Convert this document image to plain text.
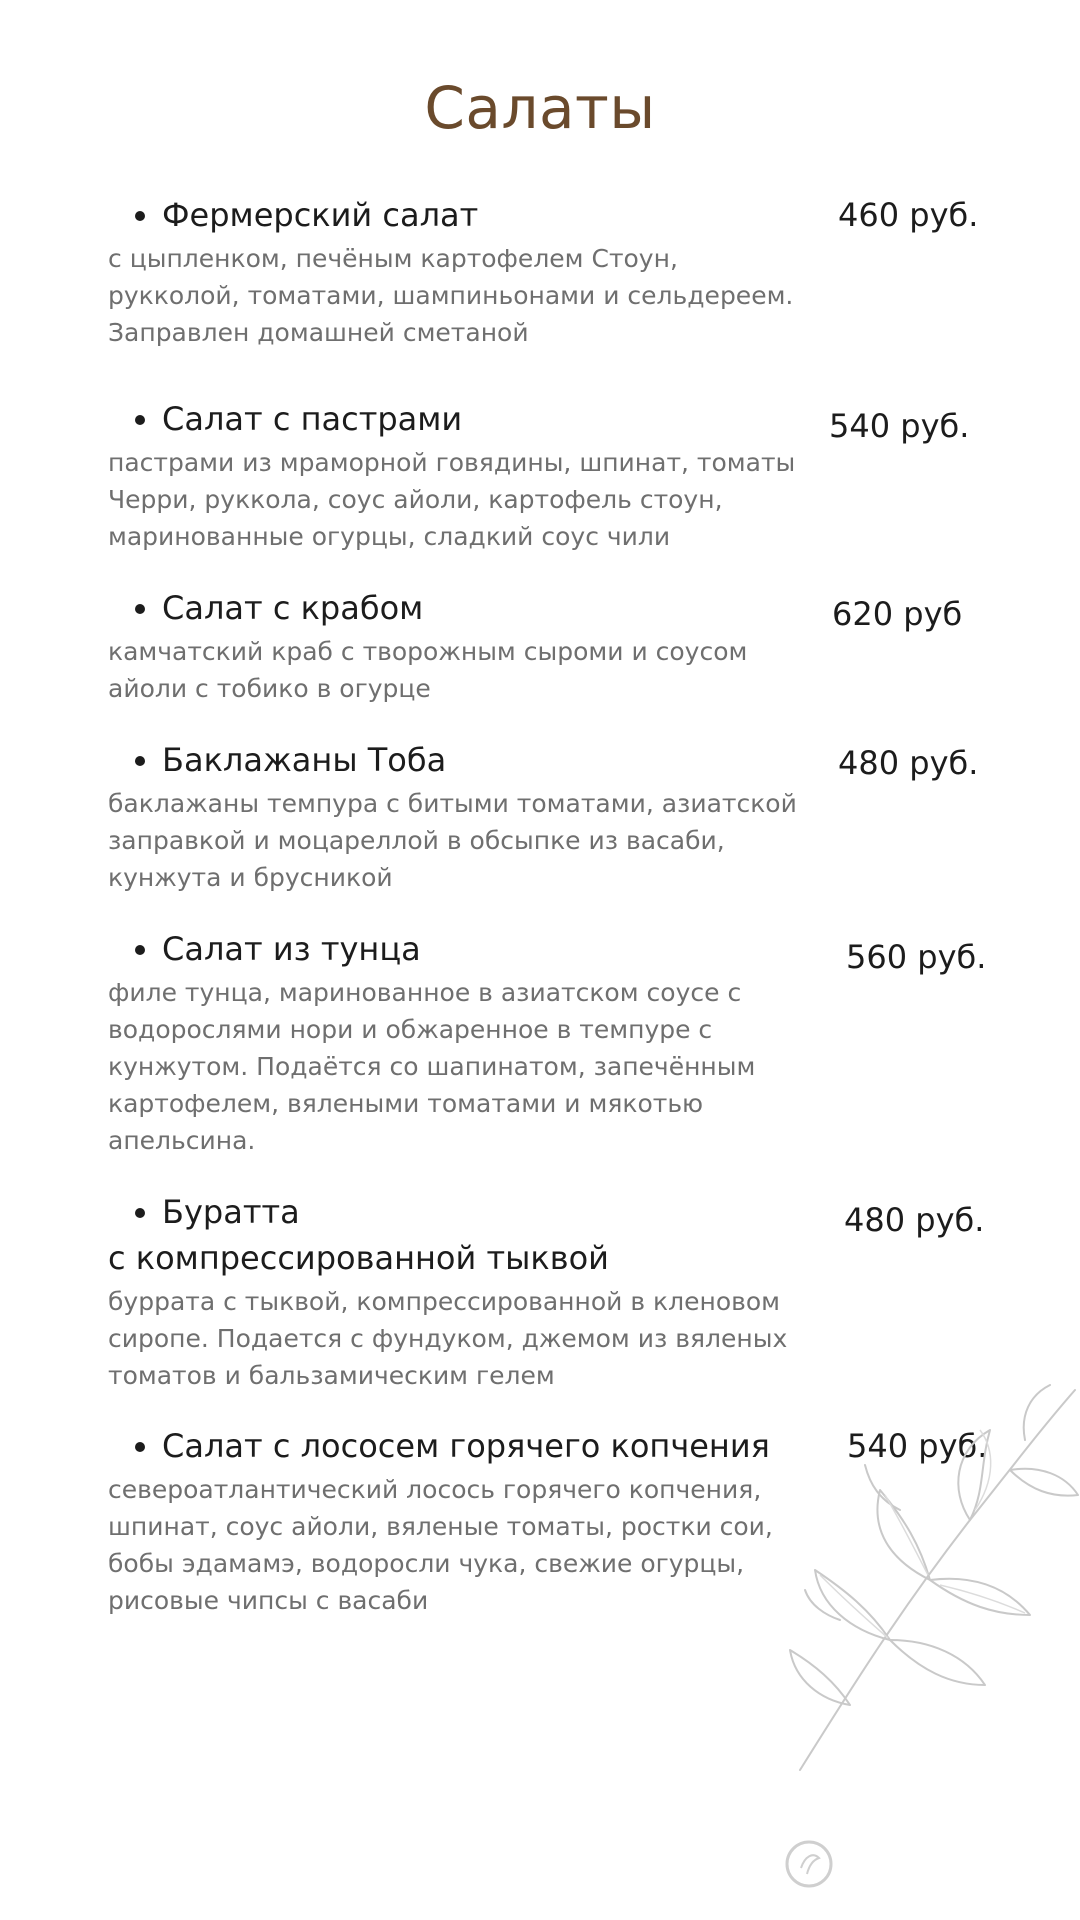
Салаты
Фермерский салат	460 руб.

с цыпленком, печёным картофелем Стоун, рукколой, томатами, шампиньонами и сельдереем. Заправлен домашней сметаной

Салат с пастрами	540 руб.

пастрами из мраморной говядины, шпинат, томаты Черри, руккола, соус айоли, картофель стоун, маринованные огурцы, сладкий соус чили

Салат с крабом	620 руб

камчатский краб с творожным сыроми и соусом айоли с тобико в огурце

Баклажаны Тоба	480 руб.

баклажаны темпура с битыми томатами, азиатской заправкой и моцареллой в обсыпке из васаби, кунжута и брусникой

Салат из тунца	560 руб.

филе тунца, маринованное в азиатском соусе с водорослями нори и обжаренное в темпуре с кунжутом. Подаётся со шапинатом, запечённым картофелем, вялеными томатами и мякотью апельсина.

Буратта
с компрессированной тыквой
480 руб.

буррата с тыквой, компрессированной в кленовом сиропе. Подается с фундуком, джемом из вяленых томатов и бальзамическим гелем

Салат с лососем горячего копчения	540 руб.

североатлантический лосось горячего копчения, шпинат, соус айоли, вяленые томаты, ростки сои, бобы эдамамэ, водоросли чука, свежие огурцы, рисовые чипсы с васаби
